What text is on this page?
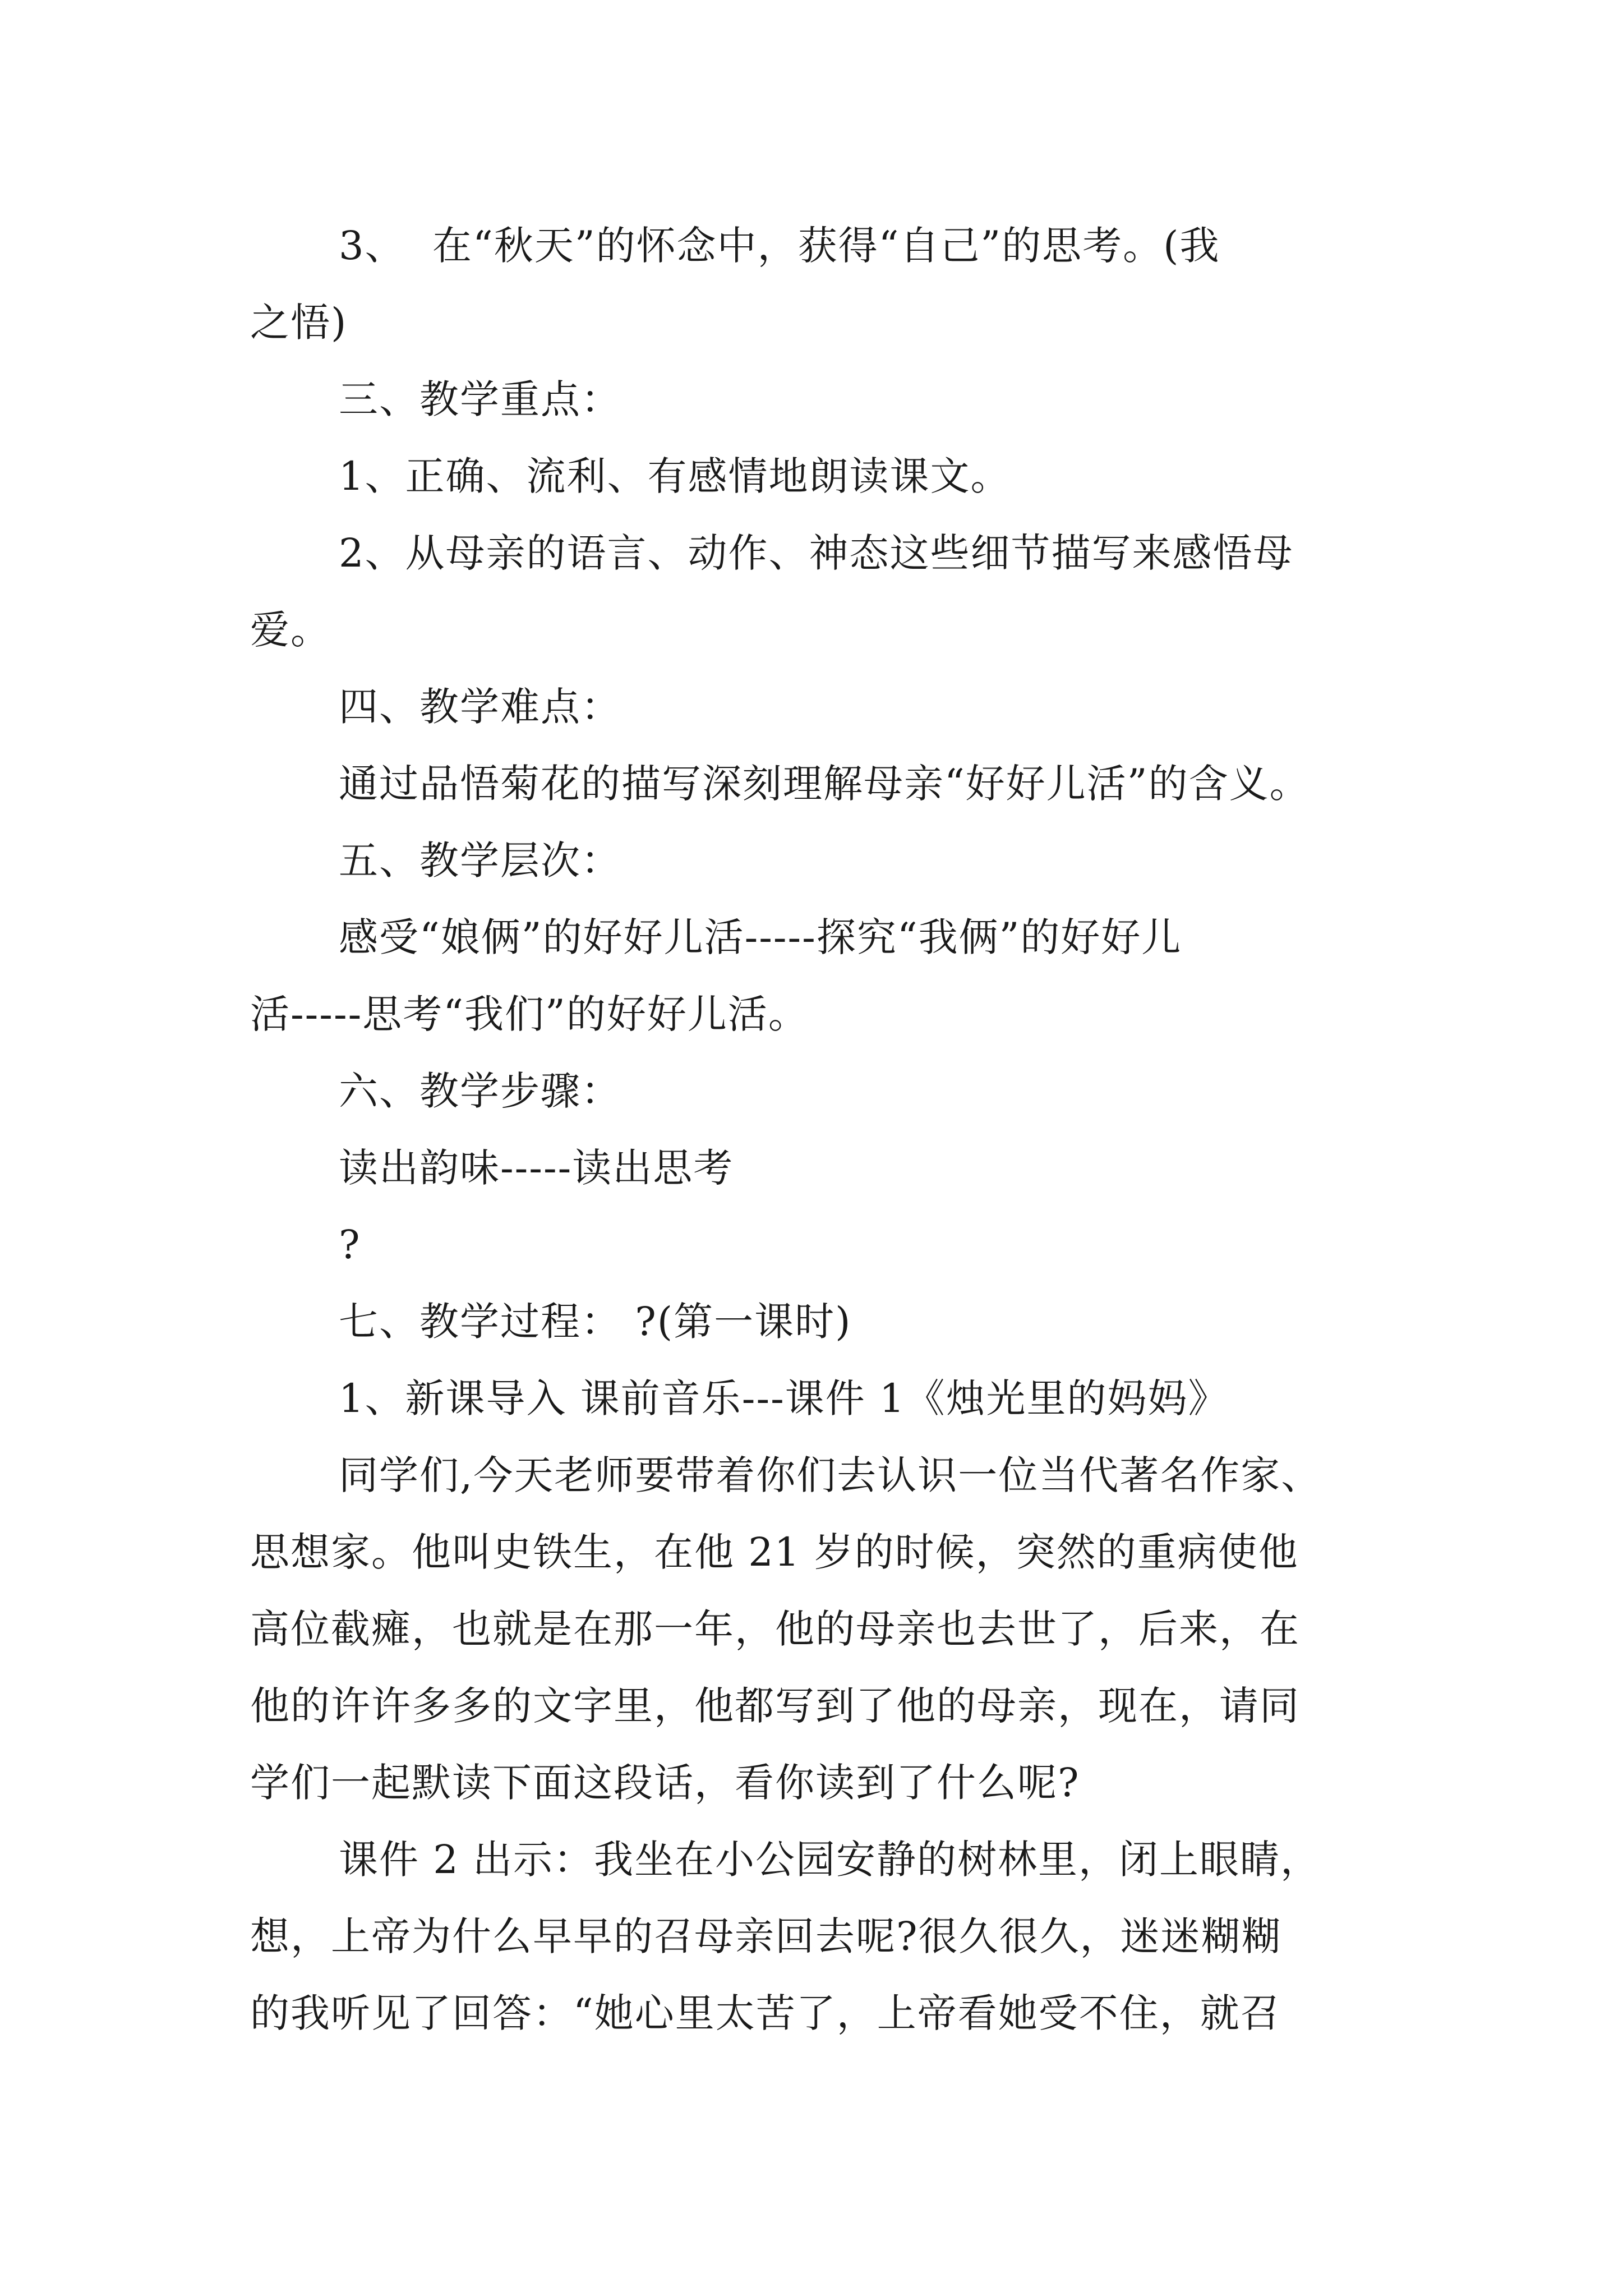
3、  在“秋天”的怀念中，获得“自己”的思考。(我
之悟)
三、教学重点：
1、正确、流利、有感情地朗读课文。
2、从母亲的语言、动作、神态这些细节描写来感悟母
爱。
四、教学难点：
通过品悟菊花的描写深刻理解母亲“好好儿活”的含义。
五、教学层次：
感受“娘俩”的好好儿活-----探究“我俩”的好好儿
活-----思考“我们”的好好儿活。
六、教学步骤：
读出韵味-----读出思考
?
七、教学过程： ?(第一课时)
1、新课导入 课前音乐---课件 1《烛光里的妈妈》
同学们,今天老师要带着你们去认识一位当代著名作家、
思想家。他叫史铁生，在他 21 岁的时候，突然的重病使他
高位截瘫，也就是在那一年，他的母亲也去世了，后来，在
他的许许多多的文字里，他都写到了他的母亲，现在，请同
学们一起默读下面这段话，看你读到了什么呢?
课件 2 出示：我坐在小公园安静的树林里，闭上眼睛，
想，上帝为什么早早的召母亲回去呢?很久很久，迷迷糊糊
的我听见了回答：“她心里太苦了，上帝看她受不住，就召
